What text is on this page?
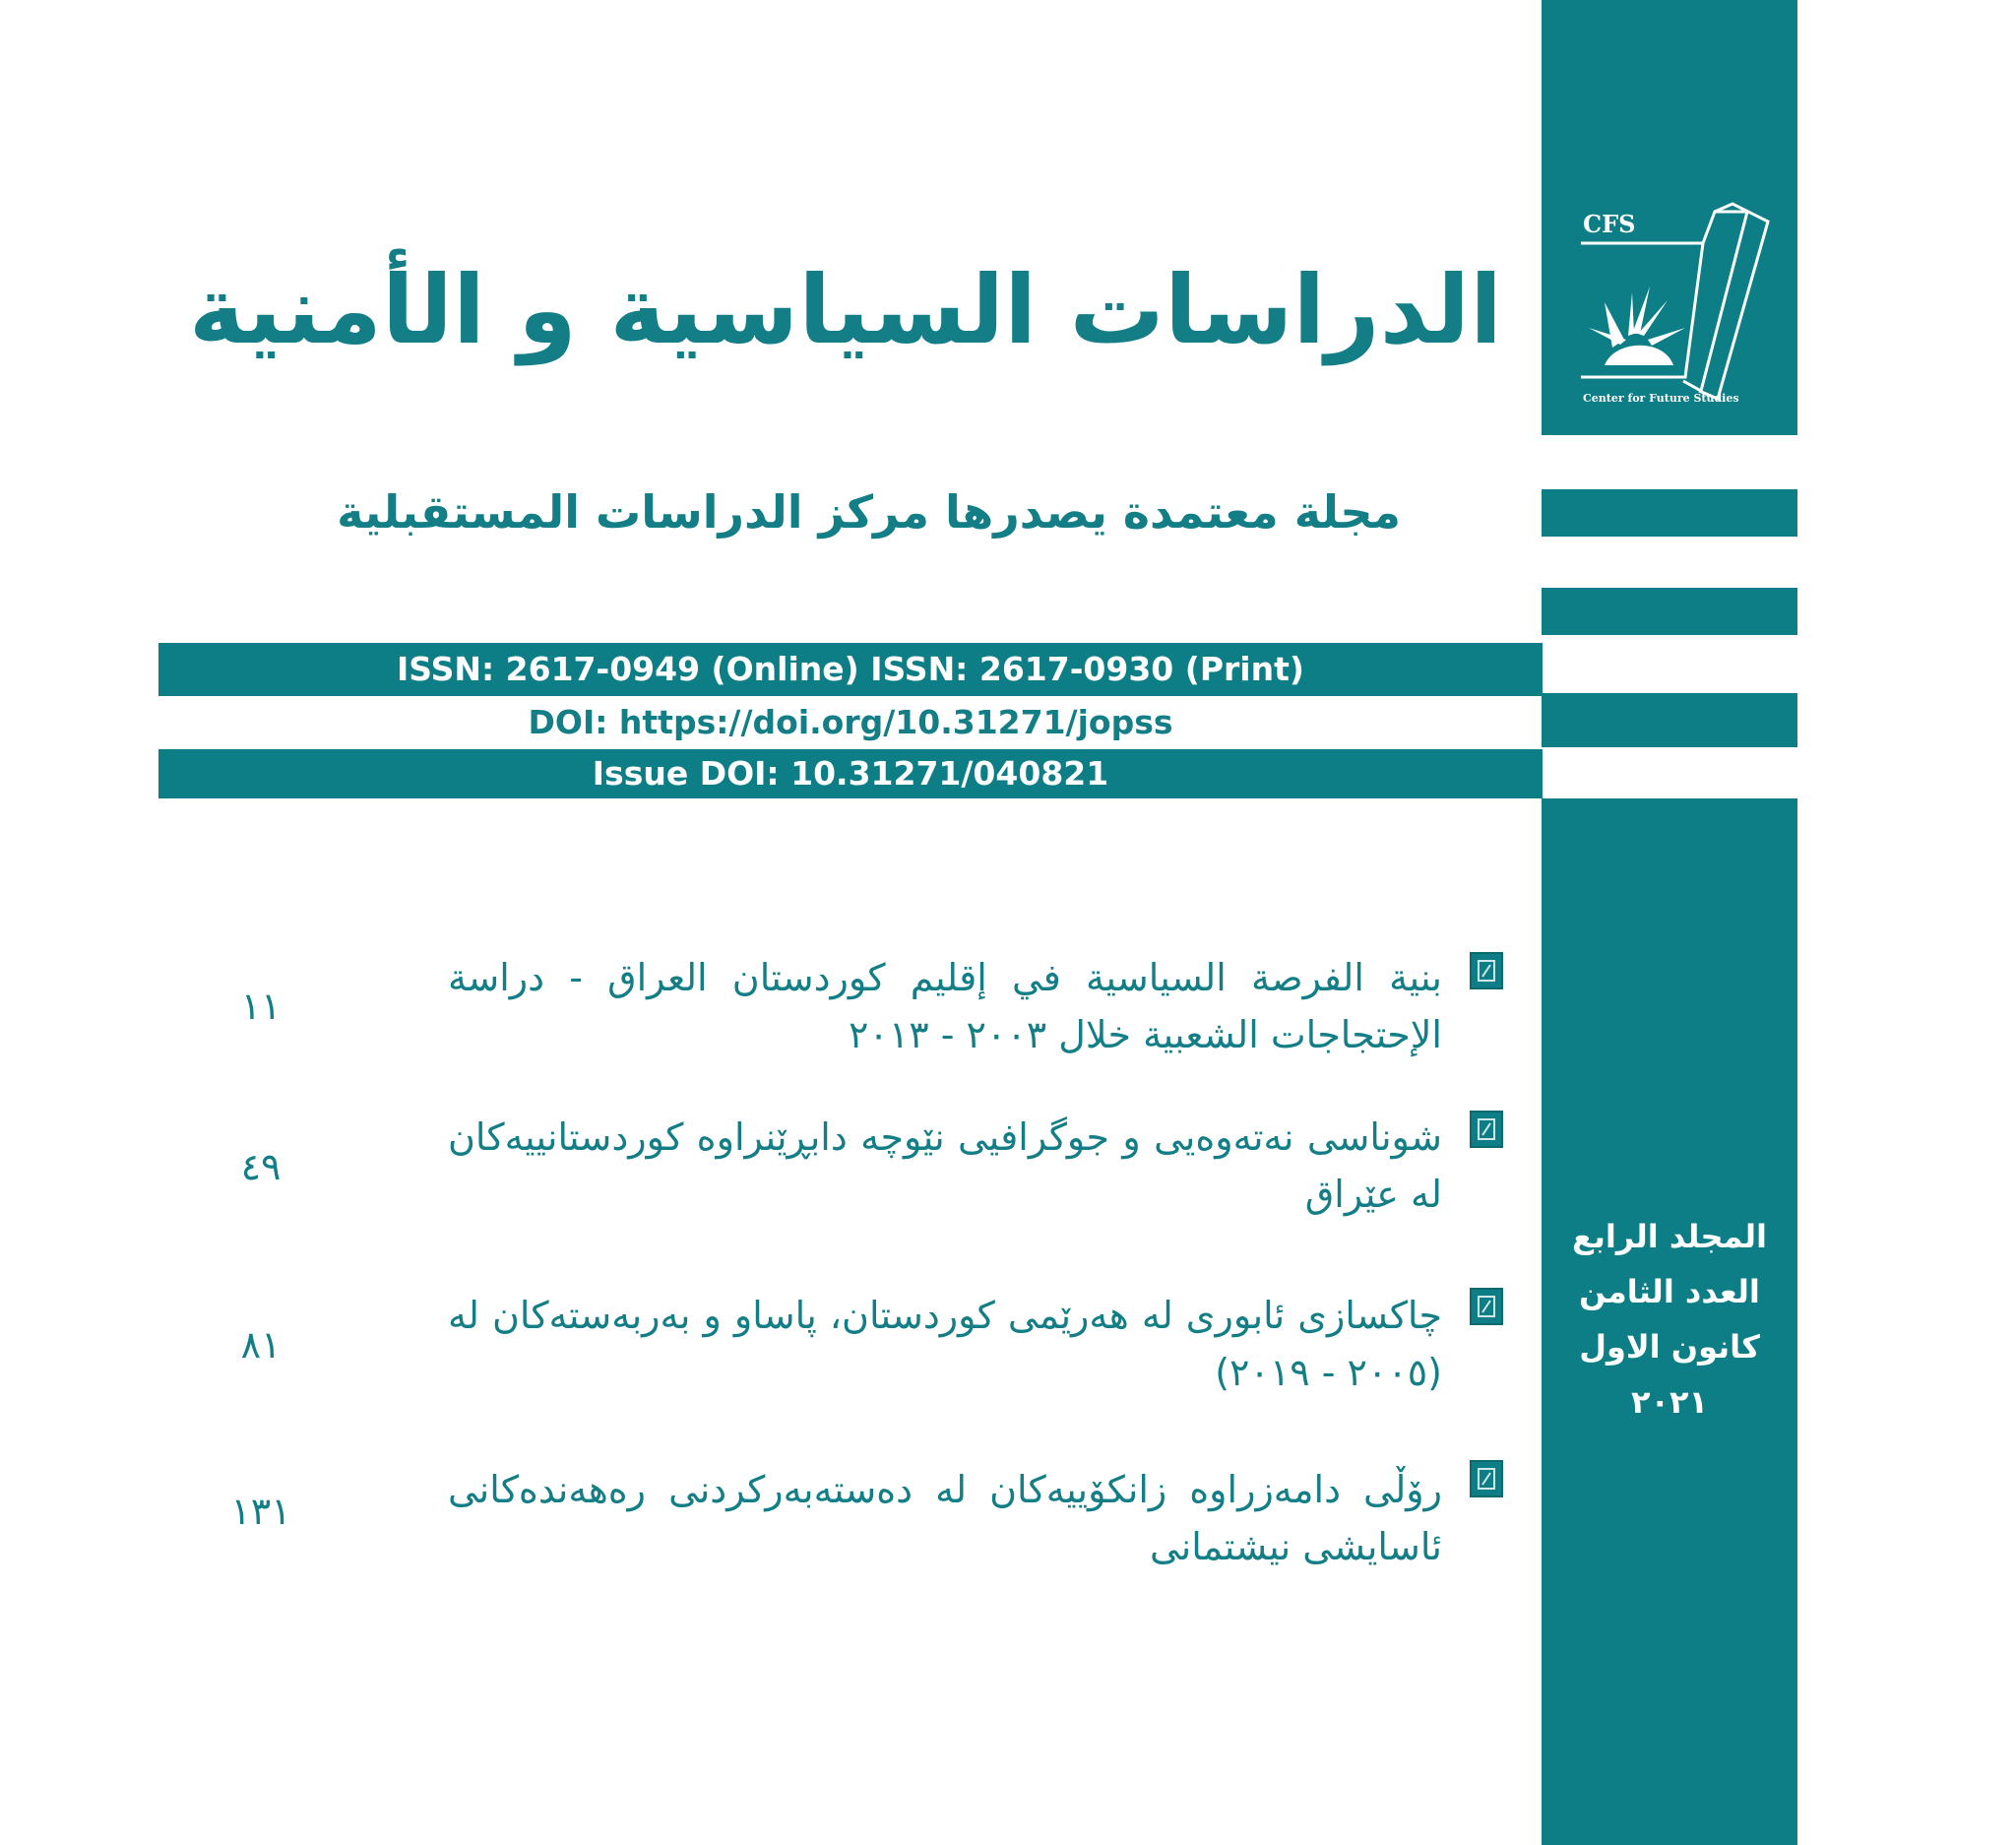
CFS
Center for Future Studies
الدراسات السياسية و الأمنية
مجلة معتمدة يصدرها مركز الدراسات المستقبلية
ISSN: 2617-0949 (Online) ISSN: 2617-0930 (Print)
DOI: https://doi.org/10.31271/jopss
Issue DOI: 10.31271/040821
بنية الفرصة السياسية في إقليم كوردستان العراق - دراسة الإحتجاجات الشعبية خلال ٢٠٠٣ - ٢٠١٣
١١
شوناسی نەتەوەیی و جوگرافیی نێوچە دابڕێنراوە کوردستانییەکان لە عێراق
٤٩
چاکسازی ئابوری لە هەرێمی کوردستان، پاساو و بەربەستەکان لە (٢٠٠٥ - ٢٠١٩)
٨١
رۆڵی دامەزراوە زانکۆییەکان لە دەستەبەرکردنی رەهەندەکانی ئاسایشی نیشتمانی
١٣١
المجلد الرابع
العدد الثامن
كانون الاول
٢٠٢١
